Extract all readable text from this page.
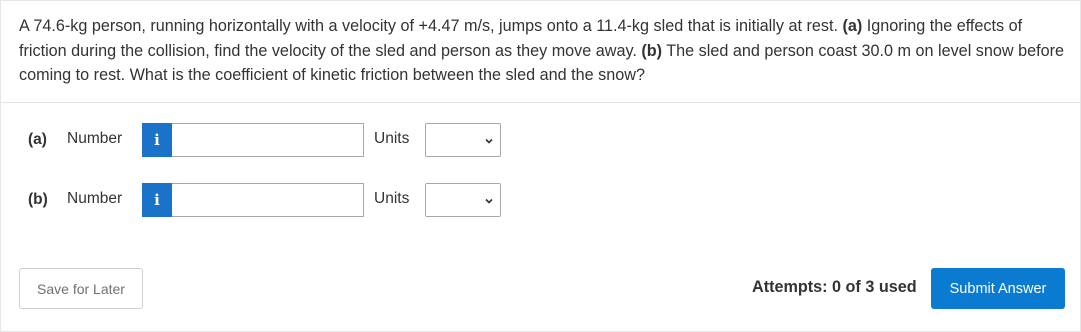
A 74.6-kg person, running horizontally with a velocity of +4.47 m/s, jumps onto a 11.4-kg sled that is initially at rest. (a) Ignoring the effects of friction during the collision, find the velocity of the sled and person as they move away. (b) The sled and person coast 30.0 m on level snow before coming to rest. What is the coefficient of kinetic friction between the sled and the snow?
(a) Number	i	Units
(b) Number	i	Units
Save for Later	Attempts: 0 of 3 used	Submit Answer
